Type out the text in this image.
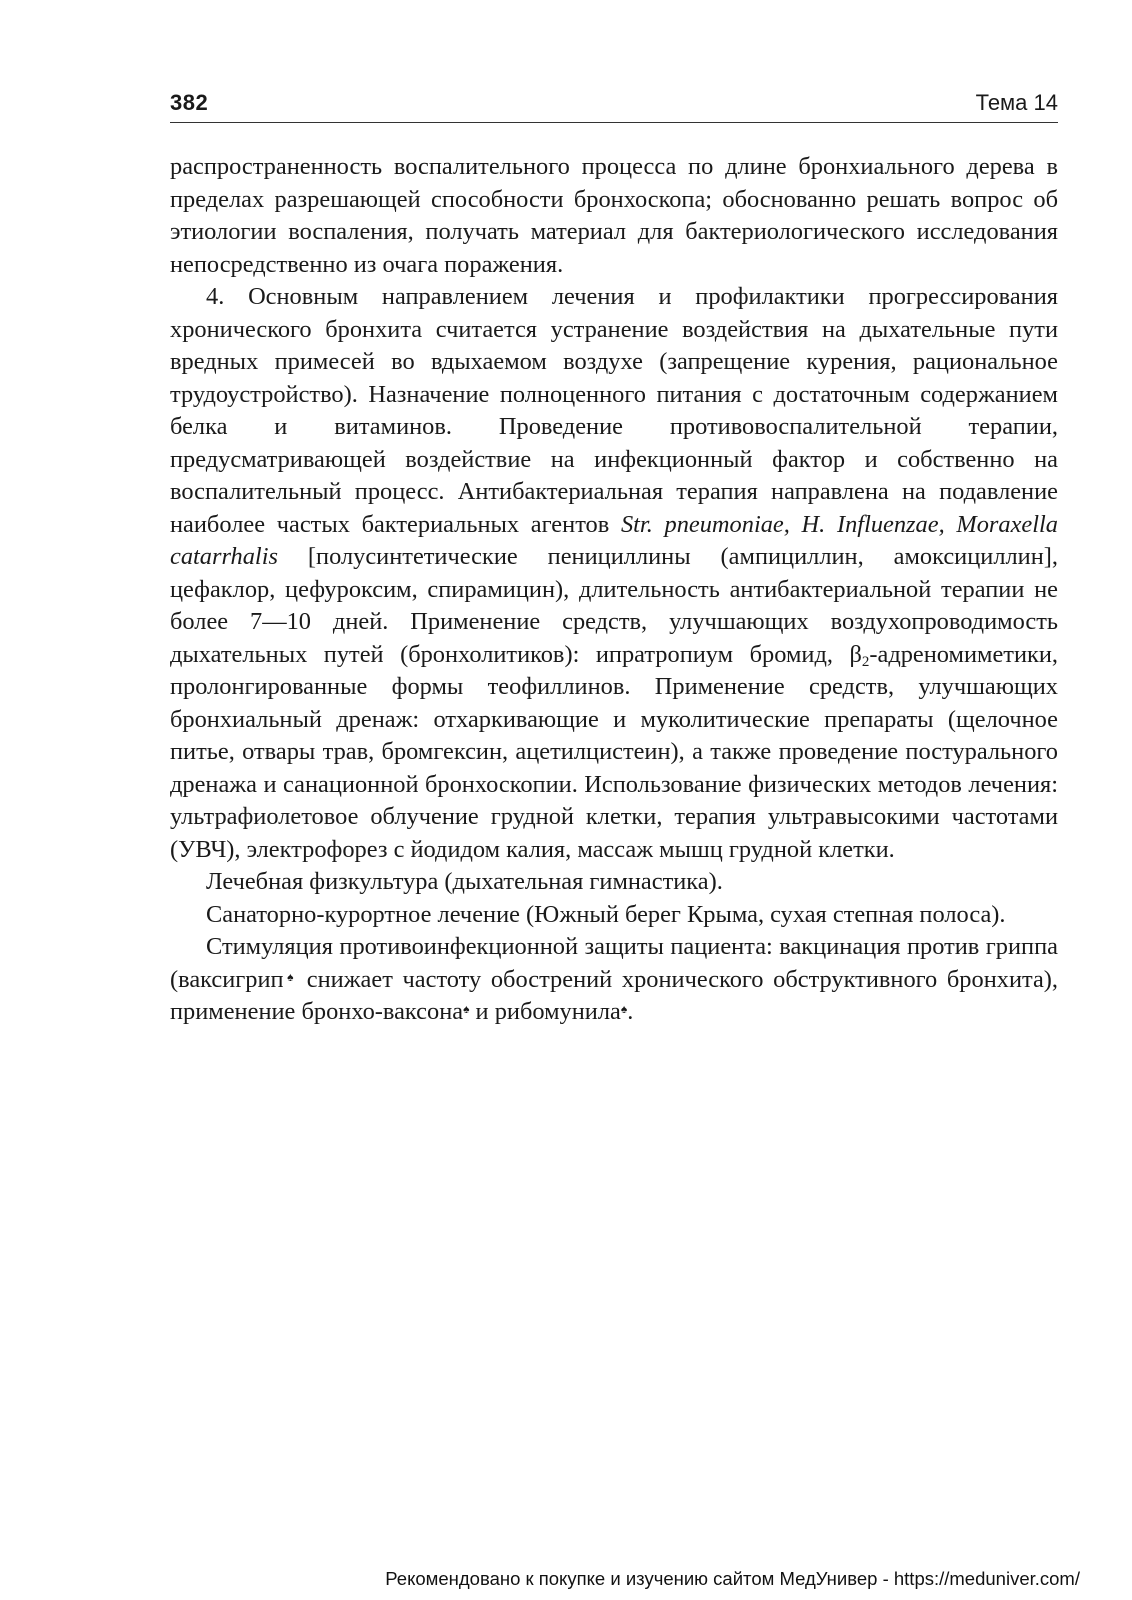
382	Тема 14

распространенность воспалительного процесса по длине бронхиального дерева в пределах разрешающей способности бронхоскопа; обоснованно решать вопрос об этиологии воспаления, получать материал для бактериологического исследования непосредственно из очага поражения.

4. Основным направлением лечения и профилактики прогрессирования хронического бронхита считается устранение воздействия на дыхательные пути вредных примесей во вдыхаемом воздухе (запрещение курения, рациональное трудоустройство). Назначение полноценного питания с достаточным содержанием белка и витаминов. Проведение противовоспалительной терапии, предусматривающей воздействие на инфекционный фактор и собственно на воспалительный процесс. Антибактериальная терапия направлена на подавление наиболее частых бактериальных агентов Str. pneumoniae, H. Influenzae, Moraxella catarrhalis [полусинтетические пенициллины (ампициллин, амоксициллин], цефаклор, цефуроксим, спирамицин), длительность антибактериальной терапии не более 7—10 дней. Применение средств, улучшающих воздухопроводимость дыхательных путей (бронхолитиков): ипратропиум бромид, $\beta_2$-адреномиметики, пролонгированные формы теофиллинов. Применение средств, улучшающих бронхиальный дренаж: отхаркивающие и муколитические препараты (щелочное питье, отвары трав, бромгексин, ацетилцистеин), а также проведение постурального дренажа и санационной бронхоскопии. Использование физических методов лечения: ультрафиолетовое облучение грудной клетки, терапия ультравысокими частотами (УВЧ), электрофорез с йодидом калия, массаж мышц грудной клетки.

Лечебная физкультура (дыхательная гимнастика).

Санаторно-курортное лечение (Южный берег Крыма, сухая степная полоса).

Стимуляция противоинфекционной защиты пациента: вакцинация против гриппа (ваксигрип♠ снижает частоту обострений хронического обструктивного бронхита), применение бронхо-ваксона♠ и рибомунила♠.

Рекомендовано к покупке и изучению сайтом МедУнивер - https://meduniver.com/
